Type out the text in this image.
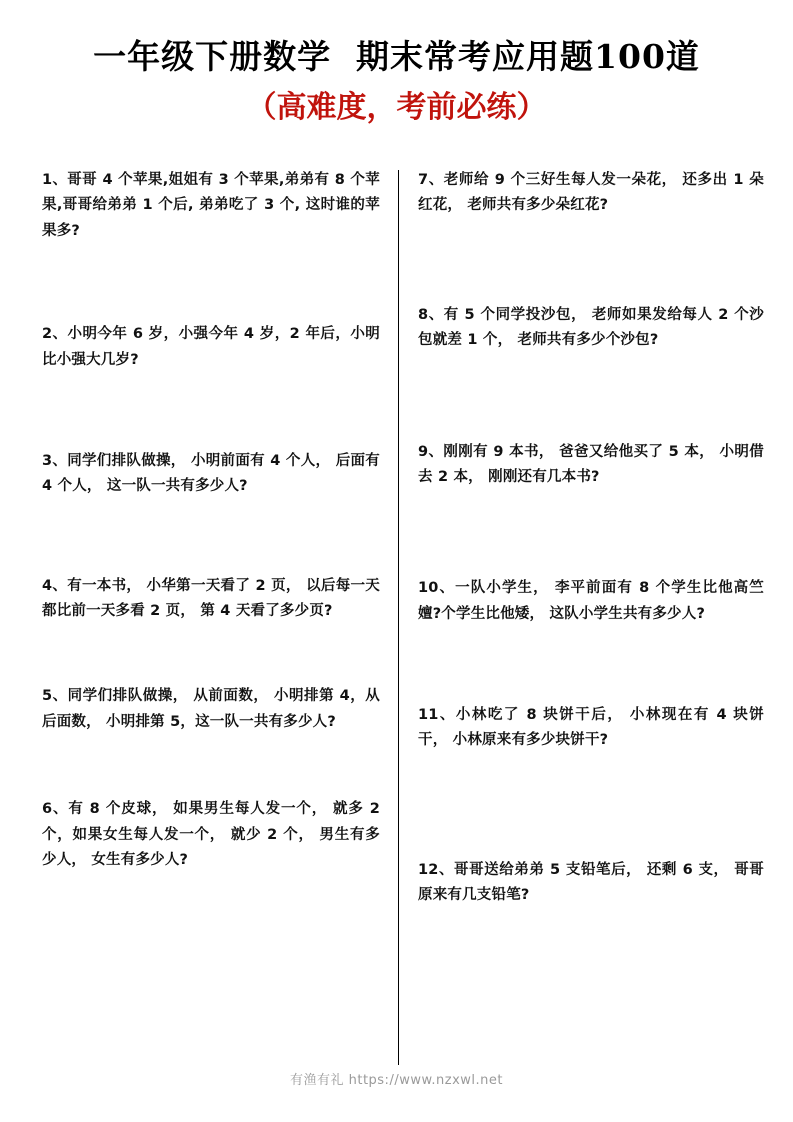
一年级下册数学  期末常考应用题100道
（高难度，考前必练）

1、哥哥 4 个苹果,姐姐有 3 个苹果,弟弟有 8 个苹果,哥哥给弟弟 1 个后, 弟弟吃了 3 个, 这时谁的苹果多?

2、小明今年 6 岁，小强今年 4 岁，2 年后，小明比小强大几岁?

3、同学们排队做操， 小明前面有 4 个人， 后面有 4 个人， 这一队一共有多少人?

4、有一本书， 小华第一天看了 2 页， 以后每一天都比前一天多看 2 页， 第 4 天看了多少页?

5、同学们排队做操， 从前面数， 小明排第 4，从后面数， 小明排第 5，这一队一共有多少人?

6、有 8 个皮球， 如果男生每人发一个， 就多 2 个，如果女生每人发一个， 就少 2 个， 男生有多少人， 女生有多少人?

7、老师给 9 个三好生每人发一朵花， 还多出 1 朵红花， 老师共有多少朵红花?

8、有 5 个同学投沙包， 老师如果发给每人 2 个沙包就差 1 个， 老师共有多少个沙包?

9、刚刚有 9 本书， 爸爸又给他买了 5 本， 小明借去 2 本， 刚刚还有几本书?

10、一队小学生， 李平前面有 8 个学生比他高竺嬗?个学生比他矮， 这队小学生共有多少人?

11、小林吃了 8 块饼干后， 小林现在有 4 块饼干， 小林原来有多少块饼干?

12、哥哥送给弟弟 5 支铅笔后， 还剩 6 支， 哥哥原来有几支铅笔?

有渔有礼 https://www.nzxwl.net
